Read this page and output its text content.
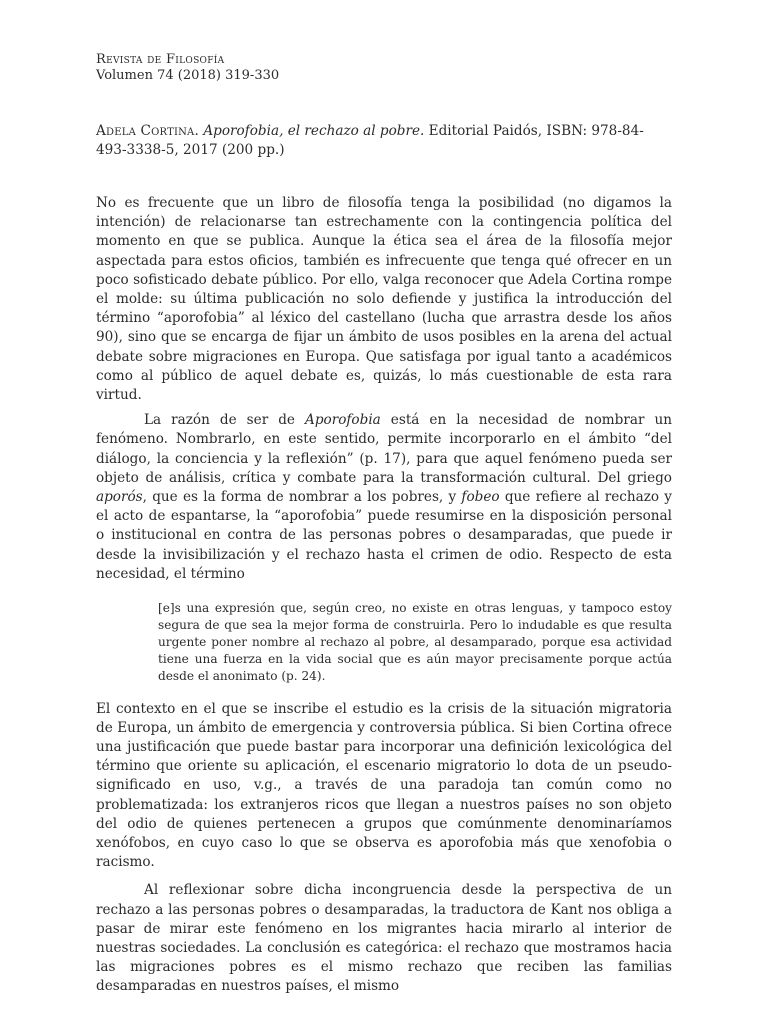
Revista de Filosofía
Volumen 74 (2018) 319-330
Adela Cortina. Aporofobia, el rechazo al pobre. Editorial Paidós, ISBN: 978-84-493-3338-5, 2017 (200 pp.)

No es frecuente que un libro de filosofía tenga la posibilidad (no digamos la intención) de relacionarse tan estrechamente con la contingencia política del momento en que se publica. Aunque la ética sea el área de la filosofía mejor aspectada para estos oficios, también es infrecuente que tenga qué ofrecer en un poco sofisticado debate público. Por ello, valga reconocer que Adela Cortina rompe el molde: su última publicación no solo defiende y justifica la introducción del término “aporofobia” al léxico del castellano (lucha que arrastra desde los años 90), sino que se encarga de fijar un ámbito de usos posibles en la arena del actual debate sobre migraciones en Europa. Que satisfaga por igual tanto a académicos como al público de aquel debate es, quizás, lo más cuestionable de esta rara virtud.

La razón de ser de Aporofobia está en la necesidad de nombrar un fenómeno. Nombrarlo, en este sentido, permite incorporarlo en el ámbito “del diálogo, la conciencia y la reflexión” (p. 17), para que aquel fenómeno pueda ser objeto de análisis, crítica y combate para la transformación cultural. Del griego aporós, que es la forma de nombrar a los pobres, y fobeo que refiere al rechazo y el acto de espantarse, la “aporofobia” puede resumirse en la disposición personal o institucional en contra de las personas pobres o desamparadas, que puede ir desde la invisibilización y el rechazo hasta el crimen de odio. Respecto de esta necesidad, el término

[e]s una expresión que, según creo, no existe en otras lenguas, y tampoco estoy segura de que sea la mejor forma de construirla. Pero lo indudable es que resulta urgente poner nombre al rechazo al pobre, al desamparado, porque esa actividad tiene una fuerza en la vida social que es aún mayor precisamente porque actúa desde el anonimato (p. 24).

El contexto en el que se inscribe el estudio es la crisis de la situación migratoria de Europa, un ámbito de emergencia y controversia pública. Si bien Cortina ofrece una justificación que puede bastar para incorporar una definición lexicológica del término que oriente su aplicación, el escenario migratorio lo dota de un pseudo-significado en uso, v.g., a través de una paradoja tan común como no problematizada: los extranjeros ricos que llegan a nuestros países no son objeto del odio de quienes pertenecen a grupos que comúnmente denominaríamos xenófobos, en cuyo caso lo que se observa es aporofobia más que xenofobia o racismo.

Al reflexionar sobre dicha incongruencia desde la perspectiva de un rechazo a las personas pobres o desamparadas, la traductora de Kant nos obliga a pasar de mirar este fenómeno en los migrantes hacia mirarlo al interior de nuestras sociedades. La conclusión es categórica: el rechazo que mostramos hacia las migraciones pobres es el mismo rechazo que reciben las familias desamparadas en nuestros países, el mismo
